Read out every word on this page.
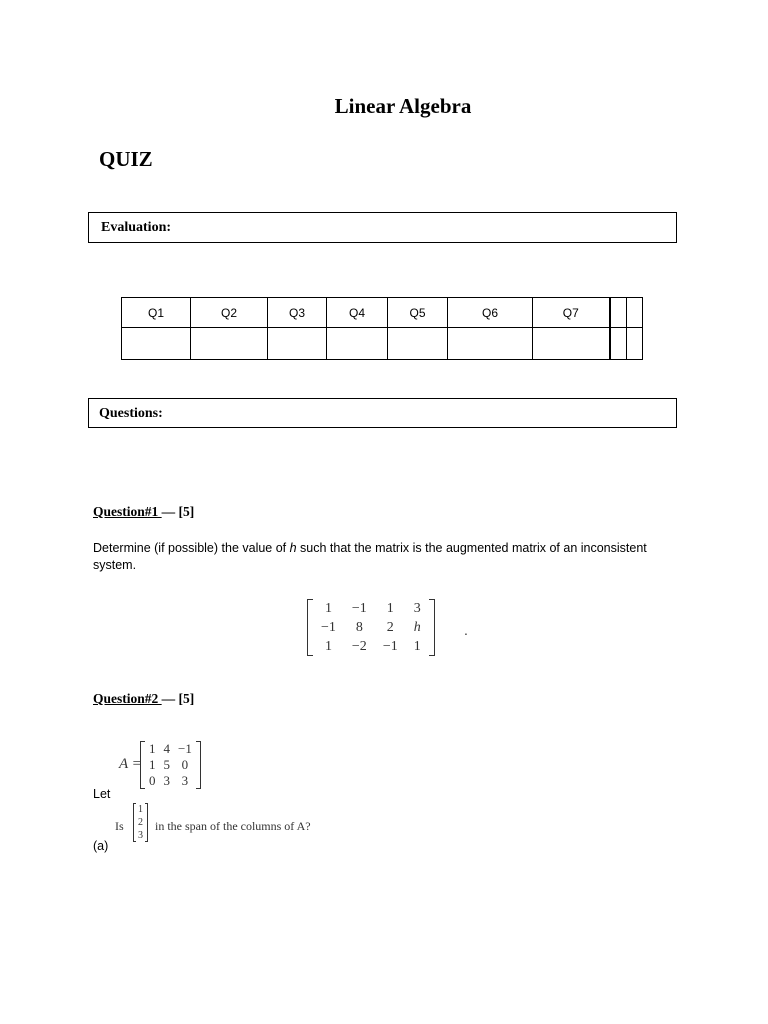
Linear Algebra
QUIZ
Evaluation:
Q1	Q2	Q3	Q4	Q5	Q6	Q7		

Questions:
Question#1 — [5]
Determine (if possible) the value of h such that the matrix is the augmented matrix of an inconsistent system.
1	−1	1	3
−1	8	2	h
1	−2	−1	1
.
Question#2 — [5]
A =
1	4	−1
1	5	0
0	3	3
Let
Is
1
2
3
in the span of the columns of A?
(a)
